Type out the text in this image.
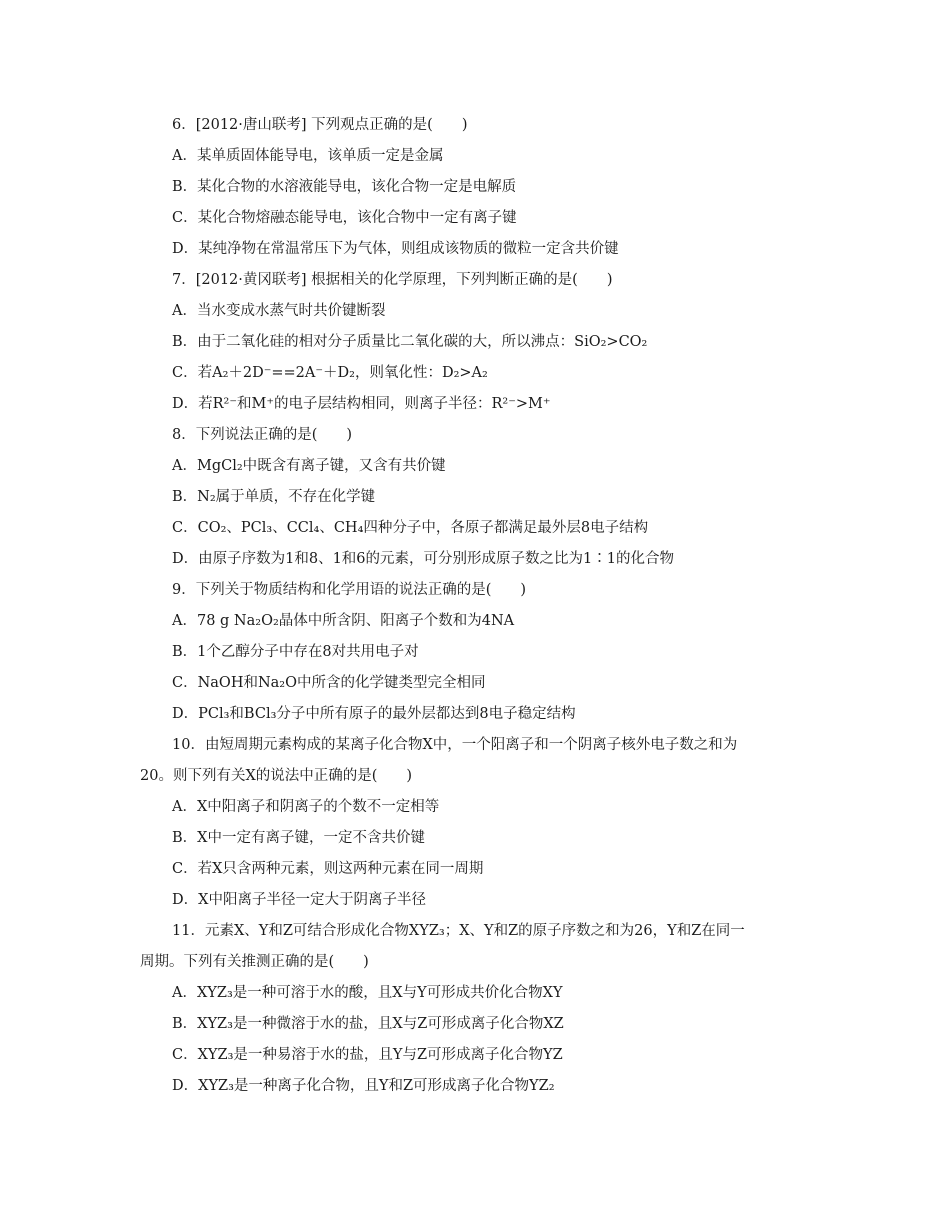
6．[2012·唐山联考] 下列观点正确的是(　　)
A．某单质固体能导电，该单质一定是金属
B．某化合物的水溶液能导电，该化合物一定是电解质
C．某化合物熔融态能导电，该化合物中一定有离子键
D．某纯净物在常温常压下为气体，则组成该物质的微粒一定含共价键
7．[2012·黄冈联考] 根据相关的化学原理，下列判断正确的是(　　)
A．当水变成水蒸气时共价键断裂
B．由于二氧化硅的相对分子质量比二氧化碳的大，所以沸点：SiO₂>CO₂
C．若A₂＋2D⁻==2A⁻＋D₂，则氧化性：D₂>A₂
D．若R²⁻和M⁺的电子层结构相同，则离子半径：R²⁻>M⁺
8．下列说法正确的是(　　)
A．MgCl₂中既含有离子键，又含有共价键
B．N₂属于单质，不存在化学键
C．CO₂、PCl₃、CCl₄、CH₄四种分子中，各原子都满足最外层8电子结构
D．由原子序数为1和8、1和6的元素，可分别形成原子数之比为1∶1的化合物
9．下列关于物质结构和化学用语的说法正确的是(　　)
A．78 g Na₂O₂晶体中所含阴、阳离子个数和为4NA
B．1个乙醇分子中存在8对共用电子对
C．NaOH和Na₂O中所含的化学键类型完全相同
D．PCl₃和BCl₃分子中所有原子的最外层都达到8电子稳定结构
10．由短周期元素构成的某离子化合物X中，一个阳离子和一个阴离子核外电子数之和为
20。则下列有关X的说法中正确的是(　　)
A．X中阳离子和阴离子的个数不一定相等
B．X中一定有离子键，一定不含共价键
C．若X只含两种元素，则这两种元素在同一周期
D．X中阳离子半径一定大于阴离子半径
11．元素X、Y和Z可结合形成化合物XYZ₃；X、Y和Z的原子序数之和为26，Y和Z在同一
周期。下列有关推测正确的是(　　)
A．XYZ₃是一种可溶于水的酸，且X与Y可形成共价化合物XY
B．XYZ₃是一种微溶于水的盐，且X与Z可形成离子化合物XZ
C．XYZ₃是一种易溶于水的盐，且Y与Z可形成离子化合物YZ
D．XYZ₃是一种离子化合物，且Y和Z可形成离子化合物YZ₂
